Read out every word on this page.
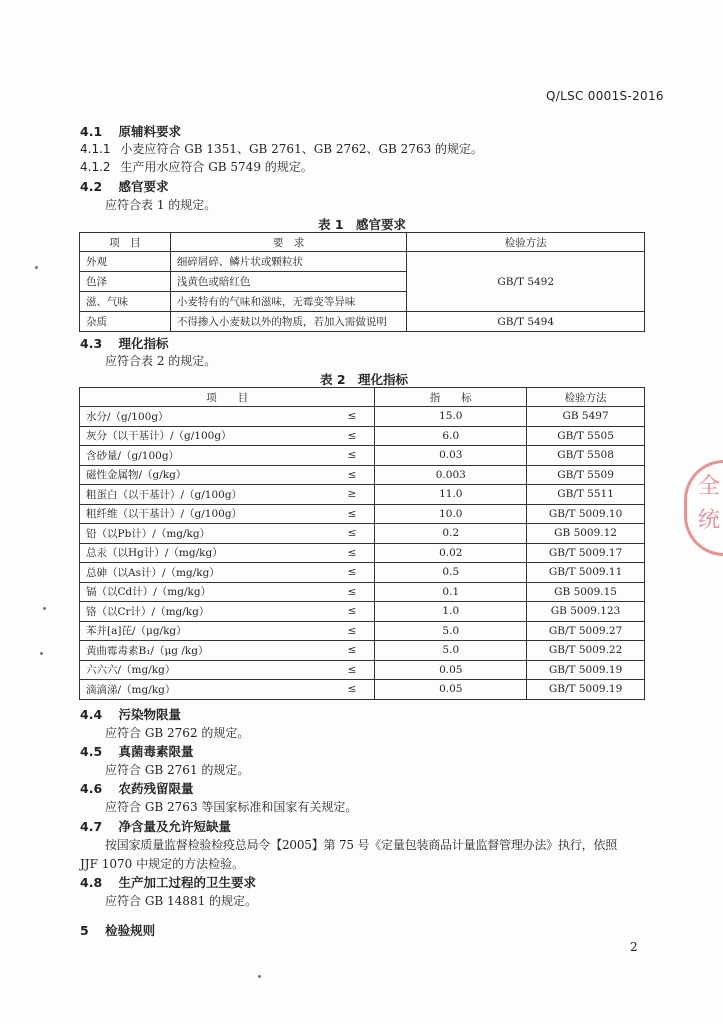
Q/LSC 0001S-2016
4.1 原辅料要求
4.1.1 小麦应符合 GB 1351、GB 2761、GB 2762、GB 2763 的规定。
4.1.2 生产用水应符合 GB 5749 的规定。
4.2 感官要求
应符合表 1 的规定。
表 1　感官要求
项　目	要　求	检验方法
外观	细碎屑碎、鳞片状或颗粒状	GB/T 5492
色泽	浅黄色或暗红色	
滋、气味	小麦特有的气味和滋味，无霉变等异味	
杂质	不得掺入小麦麸以外的物质，若加入需做说明	GB/T 5494
4.3 理化指标
应符合表 2 的规定。
表 2　理化指标
项　　目		指　　标	检验方法
水分/（g/100g）	≤	15.0	GB 5497
灰分（以干基计）/（g/100g）	≤	6.0	GB/T 5505
含砂量/（g/100g）	≤	0.03	GB/T 5508
磁性金属物/（g/kg）	≤	0.003	GB/T 5509
粗蛋白（以干基计）/（g/100g）	≥	11.0	GB/T 5511
粗纤维（以干基计）/（g/100g）	≤	10.0	GB/T 5009.10
铅（以Pb计）/（mg/kg）	≤	0.2	GB 5009.12
总汞（以Hg计）/（mg/kg）	≤	0.02	GB/T 5009.17
总砷（以As计）/（mg/kg）	≤	0.5	GB/T 5009.11
镉（以Cd计）/（mg/kg）	≤	0.1	GB 5009.15
铬（以Cr计）/（mg/kg）	≤	1.0	GB 5009.123
苯并[a]芘/（μg/kg）	≤	5.0	GB/T 5009.27
黄曲霉毒素B₁/（μg /kg）	≤	5.0	GB/T 5009.22
六六六/（mg/kg）	≤	0.05	GB/T 5009.19
滴滴涕/（mg/kg）	≤	0.05	GB/T 5009.19
4.4 污染物限量
应符合 GB 2762 的规定。
4.5 真菌毒素限量
应符合 GB 2761 的规定。
4.6 农药残留限量
应符合 GB 2763 等国家标准和国家有关规定。
4.7 净含量及允许短缺量
按国家质量监督检验检疫总局令【2005】第 75 号《定量包装商品计量监督管理办法》执行，依照
JJF 1070 中规定的方法检验。
4.8 生产加工过程的卫生要求
应符合 GB 14881 的规定。
5 检验规则
2
全
统
